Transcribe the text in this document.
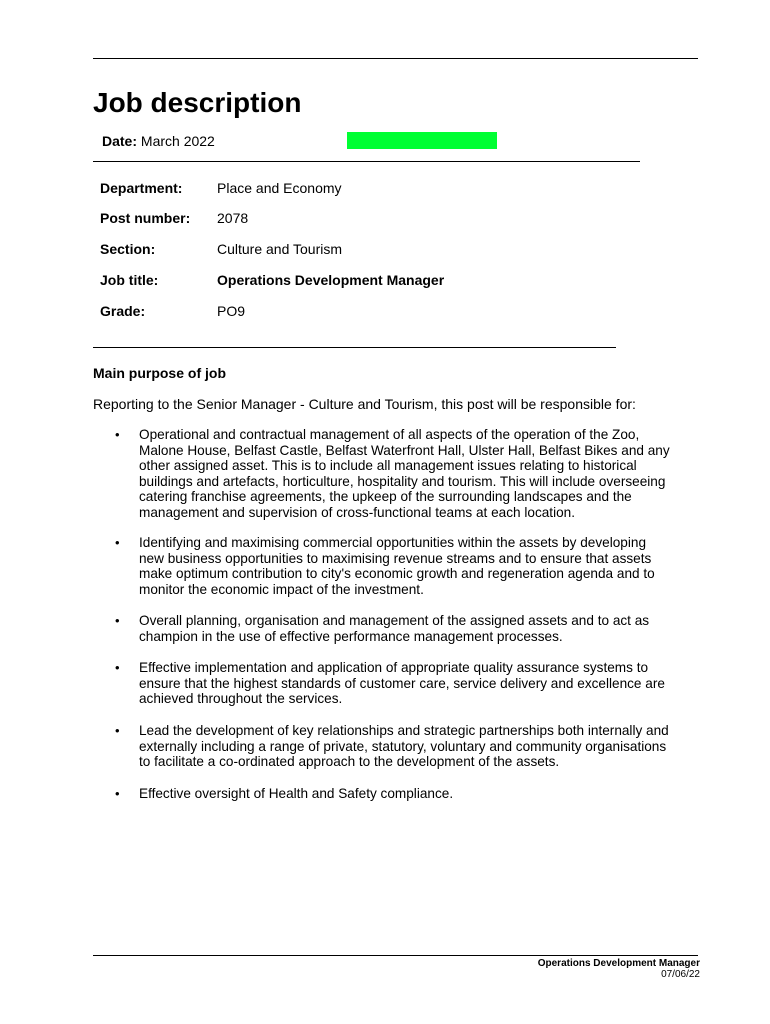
Job description
Date: March 2022
Department: Place and Economy
Post number: 2078
Section:	Culture and Tourism
Job title:	Operations Development Manager
Grade:	PO9
Main purpose of job
Reporting to the Senior Manager - Culture and Tourism, this post will be responsible for:
• Operational and contractual management of all aspects of the operation of the Zoo,
Malone House, Belfast Castle, Belfast Waterfront Hall, Ulster Hall, Belfast Bikes and any
other assigned asset. This is to include all management issues relating to historical
buildings and artefacts, horticulture, hospitality and tourism. This will include overseeing
catering franchise agreements, the upkeep of the surrounding landscapes and the
management and supervision of cross-functional teams at each location.
• Identifying and maximising commercial opportunities within the assets by developing
new business opportunities to maximising revenue streams and to ensure that assets
make optimum contribution to city's economic growth and regeneration agenda and to
monitor the economic impact of the investment.
• Overall planning, organisation and management of the assigned assets and to act as
champion in the use of effective performance management processes.
• Effective implementation and application of appropriate quality assurance systems to
ensure that the highest standards of customer care, service delivery and excellence are
achieved throughout the services.
• Lead the development of key relationships and strategic partnerships both internally and
externally including a range of private, statutory, voluntary and community organisations
to facilitate a co-ordinated approach to the development of the assets.
• Effective oversight of Health and Safety compliance.
Operations Development Manager
07/06/22
